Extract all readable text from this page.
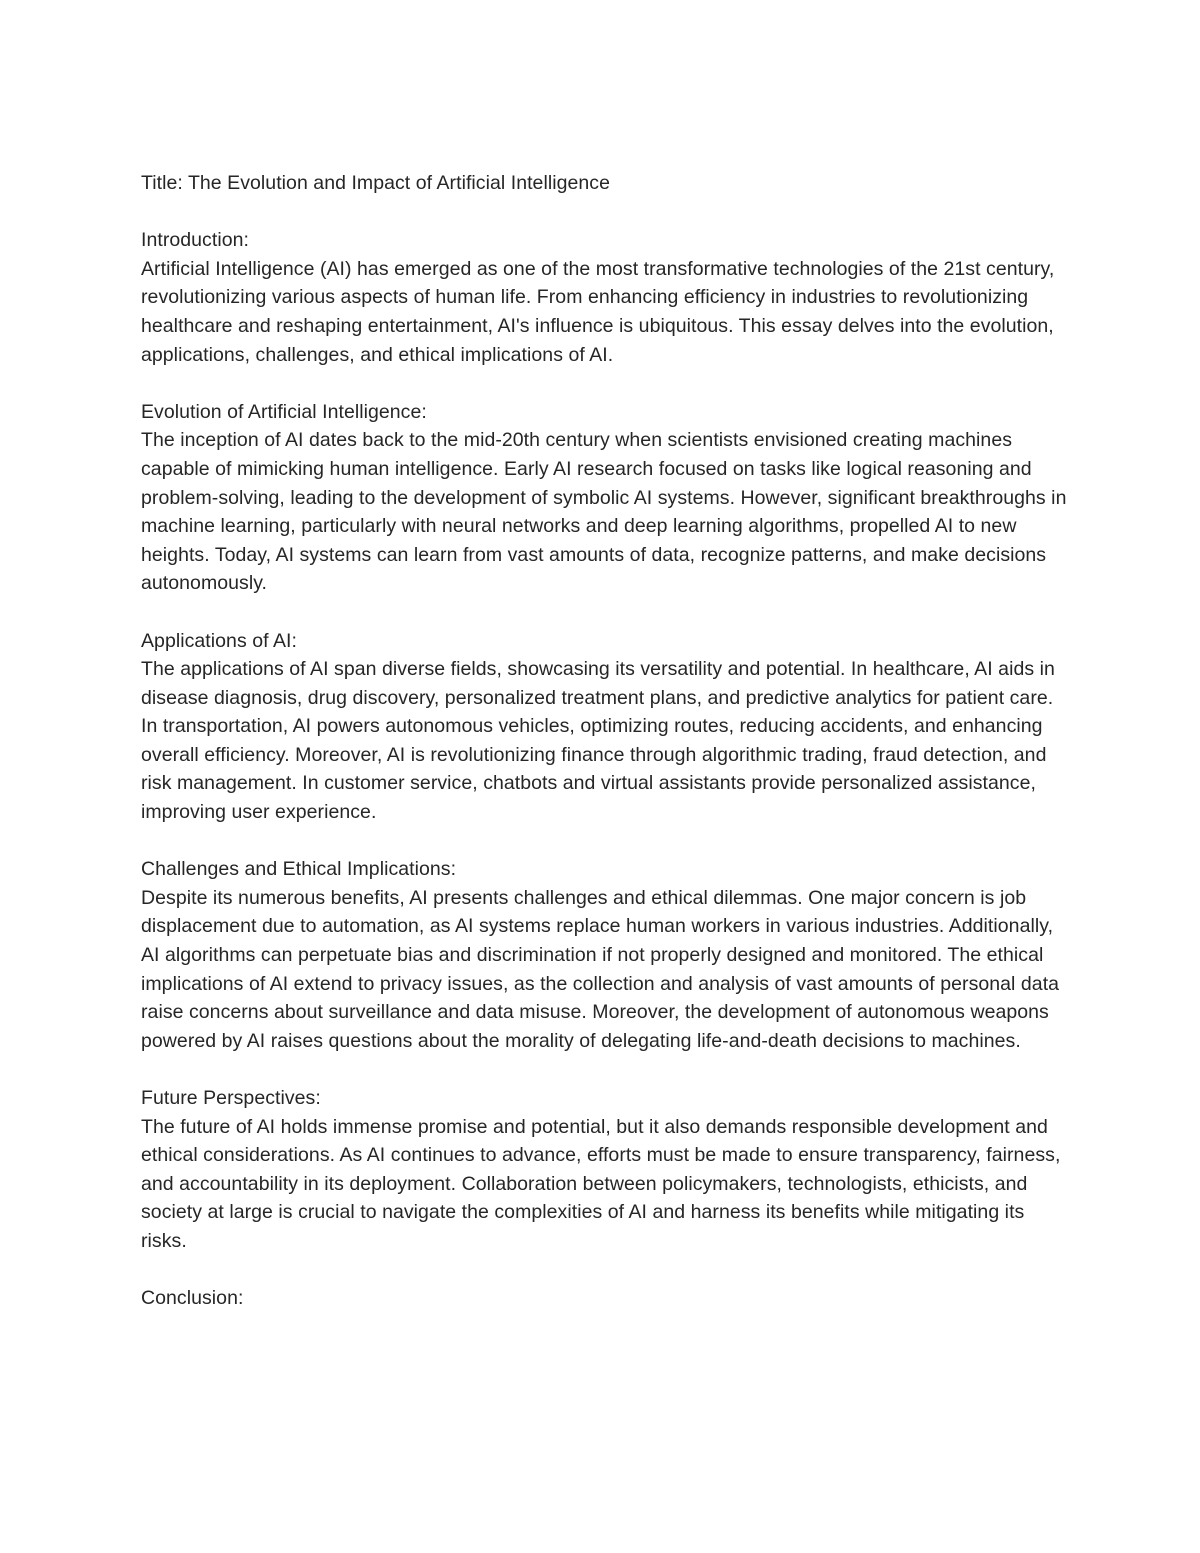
Title: The Evolution and Impact of Artificial Intelligence
Introduction:

Artificial Intelligence (AI) has emerged as one of the most transformative technologies of the 21st century, revolutionizing various aspects of human life. From enhancing efficiency in industries to revolutionizing healthcare and reshaping entertainment, AI's influence is ubiquitous. This essay delves into the evolution, applications, challenges, and ethical implications of AI.

Evolution of Artificial Intelligence:

The inception of AI dates back to the mid-20th century when scientists envisioned creating machines capable of mimicking human intelligence. Early AI research focused on tasks like logical reasoning and problem-solving, leading to the development of symbolic AI systems. However, significant breakthroughs in machine learning, particularly with neural networks and deep learning algorithms, propelled AI to new heights. Today, AI systems can learn from vast amounts of data, recognize patterns, and make decisions autonomously.

Applications of AI:

The applications of AI span diverse fields, showcasing its versatility and potential. In healthcare, AI aids in disease diagnosis, drug discovery, personalized treatment plans, and predictive analytics for patient care. In transportation, AI powers autonomous vehicles, optimizing routes, reducing accidents, and enhancing overall efficiency. Moreover, AI is revolutionizing finance through algorithmic trading, fraud detection, and risk management. In customer service, chatbots and virtual assistants provide personalized assistance, improving user experience.

Challenges and Ethical Implications:

Despite its numerous benefits, AI presents challenges and ethical dilemmas. One major concern is job displacement due to automation, as AI systems replace human workers in various industries. Additionally, AI algorithms can perpetuate bias and discrimination if not properly designed and monitored. The ethical implications of AI extend to privacy issues, as the collection and analysis of vast amounts of personal data raise concerns about surveillance and data misuse. Moreover, the development of autonomous weapons powered by AI raises questions about the morality of delegating life-and-death decisions to machines.

Future Perspectives:

The future of AI holds immense promise and potential, but it also demands responsible development and ethical considerations. As AI continues to advance, efforts must be made to ensure transparency, fairness, and accountability in its deployment. Collaboration between policymakers, technologists, ethicists, and society at large is crucial to navigate the complexities of AI and harness its benefits while mitigating its risks.

Conclusion:
